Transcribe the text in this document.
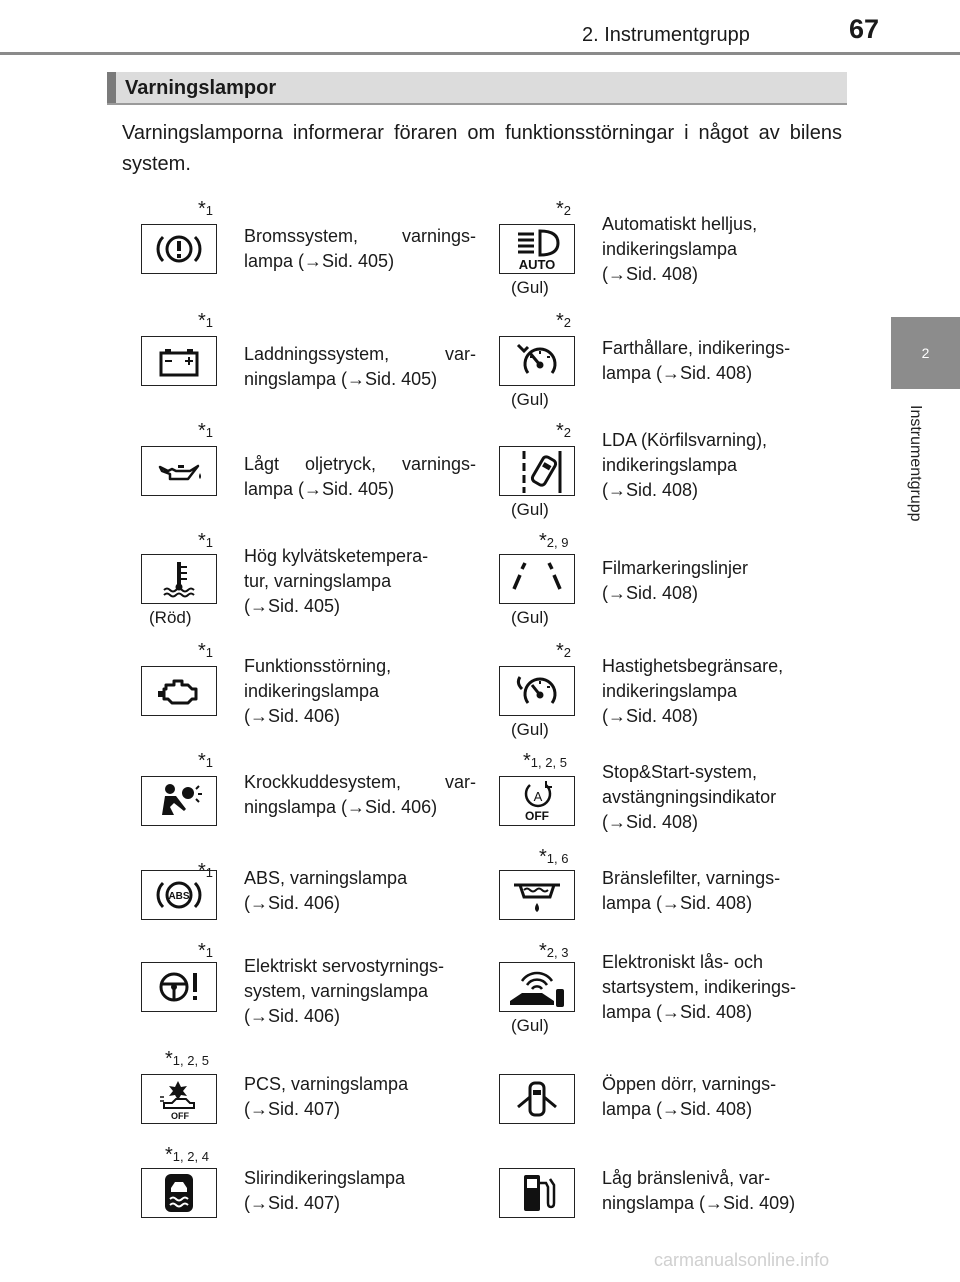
2. Instrumentgrupp	67
2
Instrumentgrupp
Varningslampor
Varningslamporna informerar föraren om funktionsstörningar i något av bilens system.
*1
Bromssystem, varnings-
lampa (→Sid. 405)
*1
Laddningssystem, var-
ningslampa (→Sid. 405)
*1
Lågt oljetryck, varnings-
lampa (→Sid. 405)
*1
(Röd)
Hög kylvätsketempera-
tur, varningslampa
(→Sid. 405)
*1
Funktionsstörning,
indikeringslampa
(→Sid. 406)
*1
Krockkuddesystem, var-
ningslampa (→Sid. 406)
*1
ABS
ABS, varningslampa
(→Sid. 406)
*1
Elektriskt servostyrnings-
system, varningslampa
(→Sid. 406)
*1, 2, 5
OFF
PCS, varningslampa
(→Sid. 407)
*1, 2, 4
Slirindikeringslampa
(→Sid. 407)
*2
AUTO
(Gul)
Automatiskt helljus,
indikeringslampa
(→Sid. 408)
*2
(Gul)
Farthållare, indikerings-
lampa (→Sid. 408)
*2
(Gul)
LDA (Körfilsvarning),
indikeringslampa
(→Sid. 408)
*2, 9
(Gul)
Filmarkeringslinjer
(→Sid. 408)
*2
(Gul)
Hastighetsbegränsare,
indikeringslampa
(→Sid. 408)
*1, 2, 5
A
OFF
Stop&Start-system,
avstängningsindikator
(→Sid. 408)
*1, 6
Bränslefilter, varnings-
lampa (→Sid. 408)
*2, 3
(Gul)
Elektroniskt lås- och
startsystem, indikerings-
lampa (→Sid. 408)
Öppen dörr, varnings-
lampa (→Sid. 408)
Låg bränslenivå, var-
ningslampa (→Sid. 409)
carmanualsonline.info
